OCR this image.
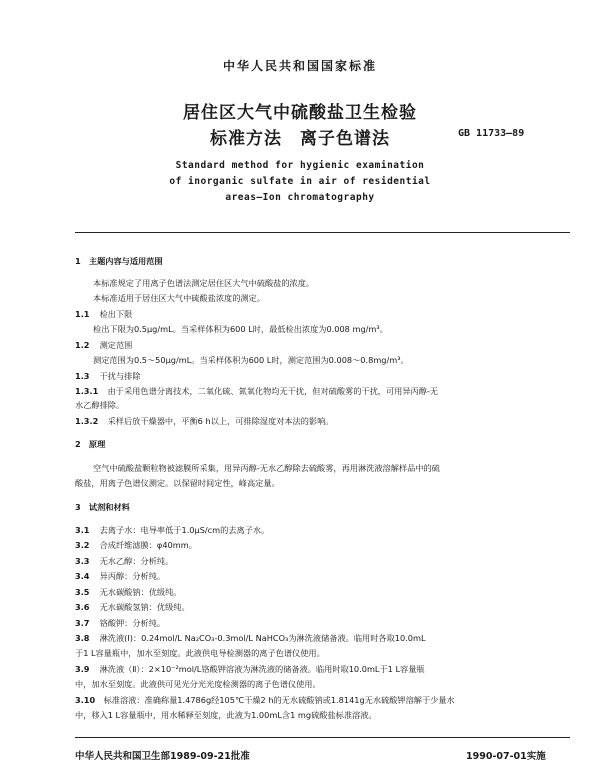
中华人民共和国国家标准
居住区大气中硫酸盐卫生检验
标准方法　离子色谱法	GB 11733—89
Standard method for hygienic examination
of inorganic sulfate in air of residential
areas—Ion chromatography
1　主题内容与适用范围
本标准规定了用离子色谱法测定居住区大气中硫酸盐的浓度。
本标准适用于居住区大气中硫酸盐浓度的测定。
1.1 检出下限
检出下限为0.5μg/mL。当采样体积为600 L时，最低检出浓度为0.008 mg/m³。
1.2 测定范围
测定范围为0.5～50μg/mL。当采样体积为600 L时，测定范围为0.008～0.8mg/m³。
1.3 干扰与排除
1.3.1 由于采用色谱分离技术，二氧化硫、氮氧化物均无干扰，但对硫酸雾的干扰，可用异丙醇-无
水乙醇排除。
1.3.2 采样后放干燥器中，平衡6 h以上，可排除湿度对本法的影响。
2　原理
空气中硫酸盐颗粒物被滤膜所采集，用异丙醇-无水乙醇除去硫酸雾，再用淋洗液溶解样品中的硫
酸盐，用离子色谱仪测定。以保留时间定性，峰高定量。
3　试剂和材料
3.1 去离子水：电导率低于1.0μS/cm的去离子水。
3.2 合成纤维滤膜：φ40mm。
3.3 无水乙醇：分析纯。
3.4 异丙醇：分析纯。
3.5 无水碳酸钠：优级纯。
3.6 无水碳酸氢钠：优级纯。
3.7 铬酸钾：分析纯。
3.8 淋洗液(Ⅰ)：0.24mol/L Na₂CO₃-0.3mol/L NaHCO₃为淋洗液储备液。临用时各取10.0mL
于1 L容量瓶中，加水至刻度。此液供电导检测器的离子色谱仪使用。
3.9 淋洗液（Ⅱ）：2×10⁻²mol/L铬酸钾溶液为淋洗液的储备液。临用时取10.0mL于1 L容量瓶
中，加水至刻度。此液供可见光分光光度检测器的离子色谱仪使用。
3.10 标准溶液：准确称量1.4786g经105℃干燥2 h的无水硫酸钠或1.8141g无水硫酸钾溶解于少量水
中，移入1 L容量瓶中，用水稀释至刻度，此液为1.00mL含1 mg硫酸盐标准溶液。
中华人民共和国卫生部1989-09-21批准	1990-07-01实施
